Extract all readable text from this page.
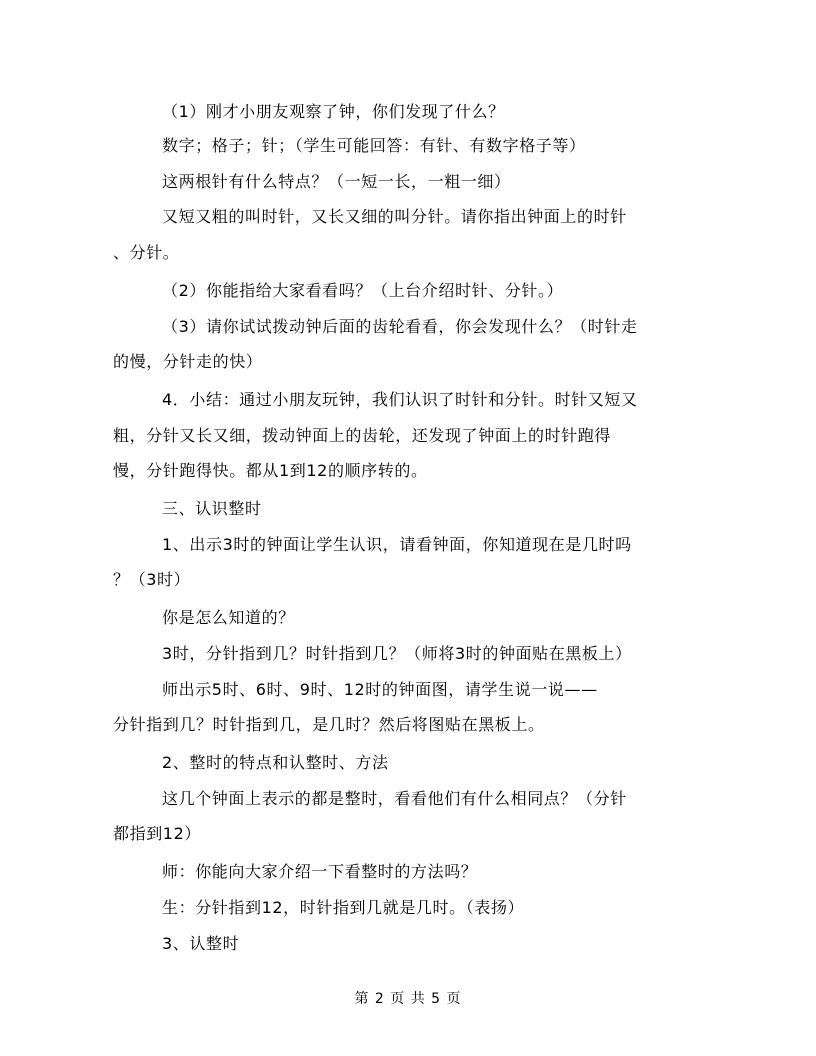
（1）刚才小朋友观察了钟，你们发现了什么？
数字；格子；针；（学生可能回答：有针、有数字格子等）
这两根针有什么特点？（一短一长，一粗一细）
又短又粗的叫时针，又长又细的叫分针。请你指出钟面上的时针
、分针。
（2）你能指给大家看看吗？（上台介绍时针、分针。）
（3）请你试试拨动钟后面的齿轮看看，你会发现什么？（时针走
的慢，分针走的快）
4．小结：通过小朋友玩钟，我们认识了时针和分针。时针又短又
粗，分针又长又细，拨动钟面上的齿轮，还发现了钟面上的时针跑得
慢，分针跑得快。都从1到12的顺序转的。
三、认识整时
1、出示3时的钟面让学生认识，请看钟面，你知道现在是几时吗
？（3时）
你是怎么知道的？
3时，分针指到几？时针指到几？（师将3时的钟面贴在黑板上）
师出示5时、6时、9时、12时的钟面图，请学生说一说——
分针指到几？时针指到几，是几时？然后将图贴在黑板上。
2、整时的特点和认整时、方法
这几个钟面上表示的都是整时，看看他们有什么相同点？（分针
都指到12）
师：你能向大家介绍一下看整时的方法吗？
生：分针指到12，时针指到几就是几时。（表扬）
3、认整时
第 2 页 共 5 页
